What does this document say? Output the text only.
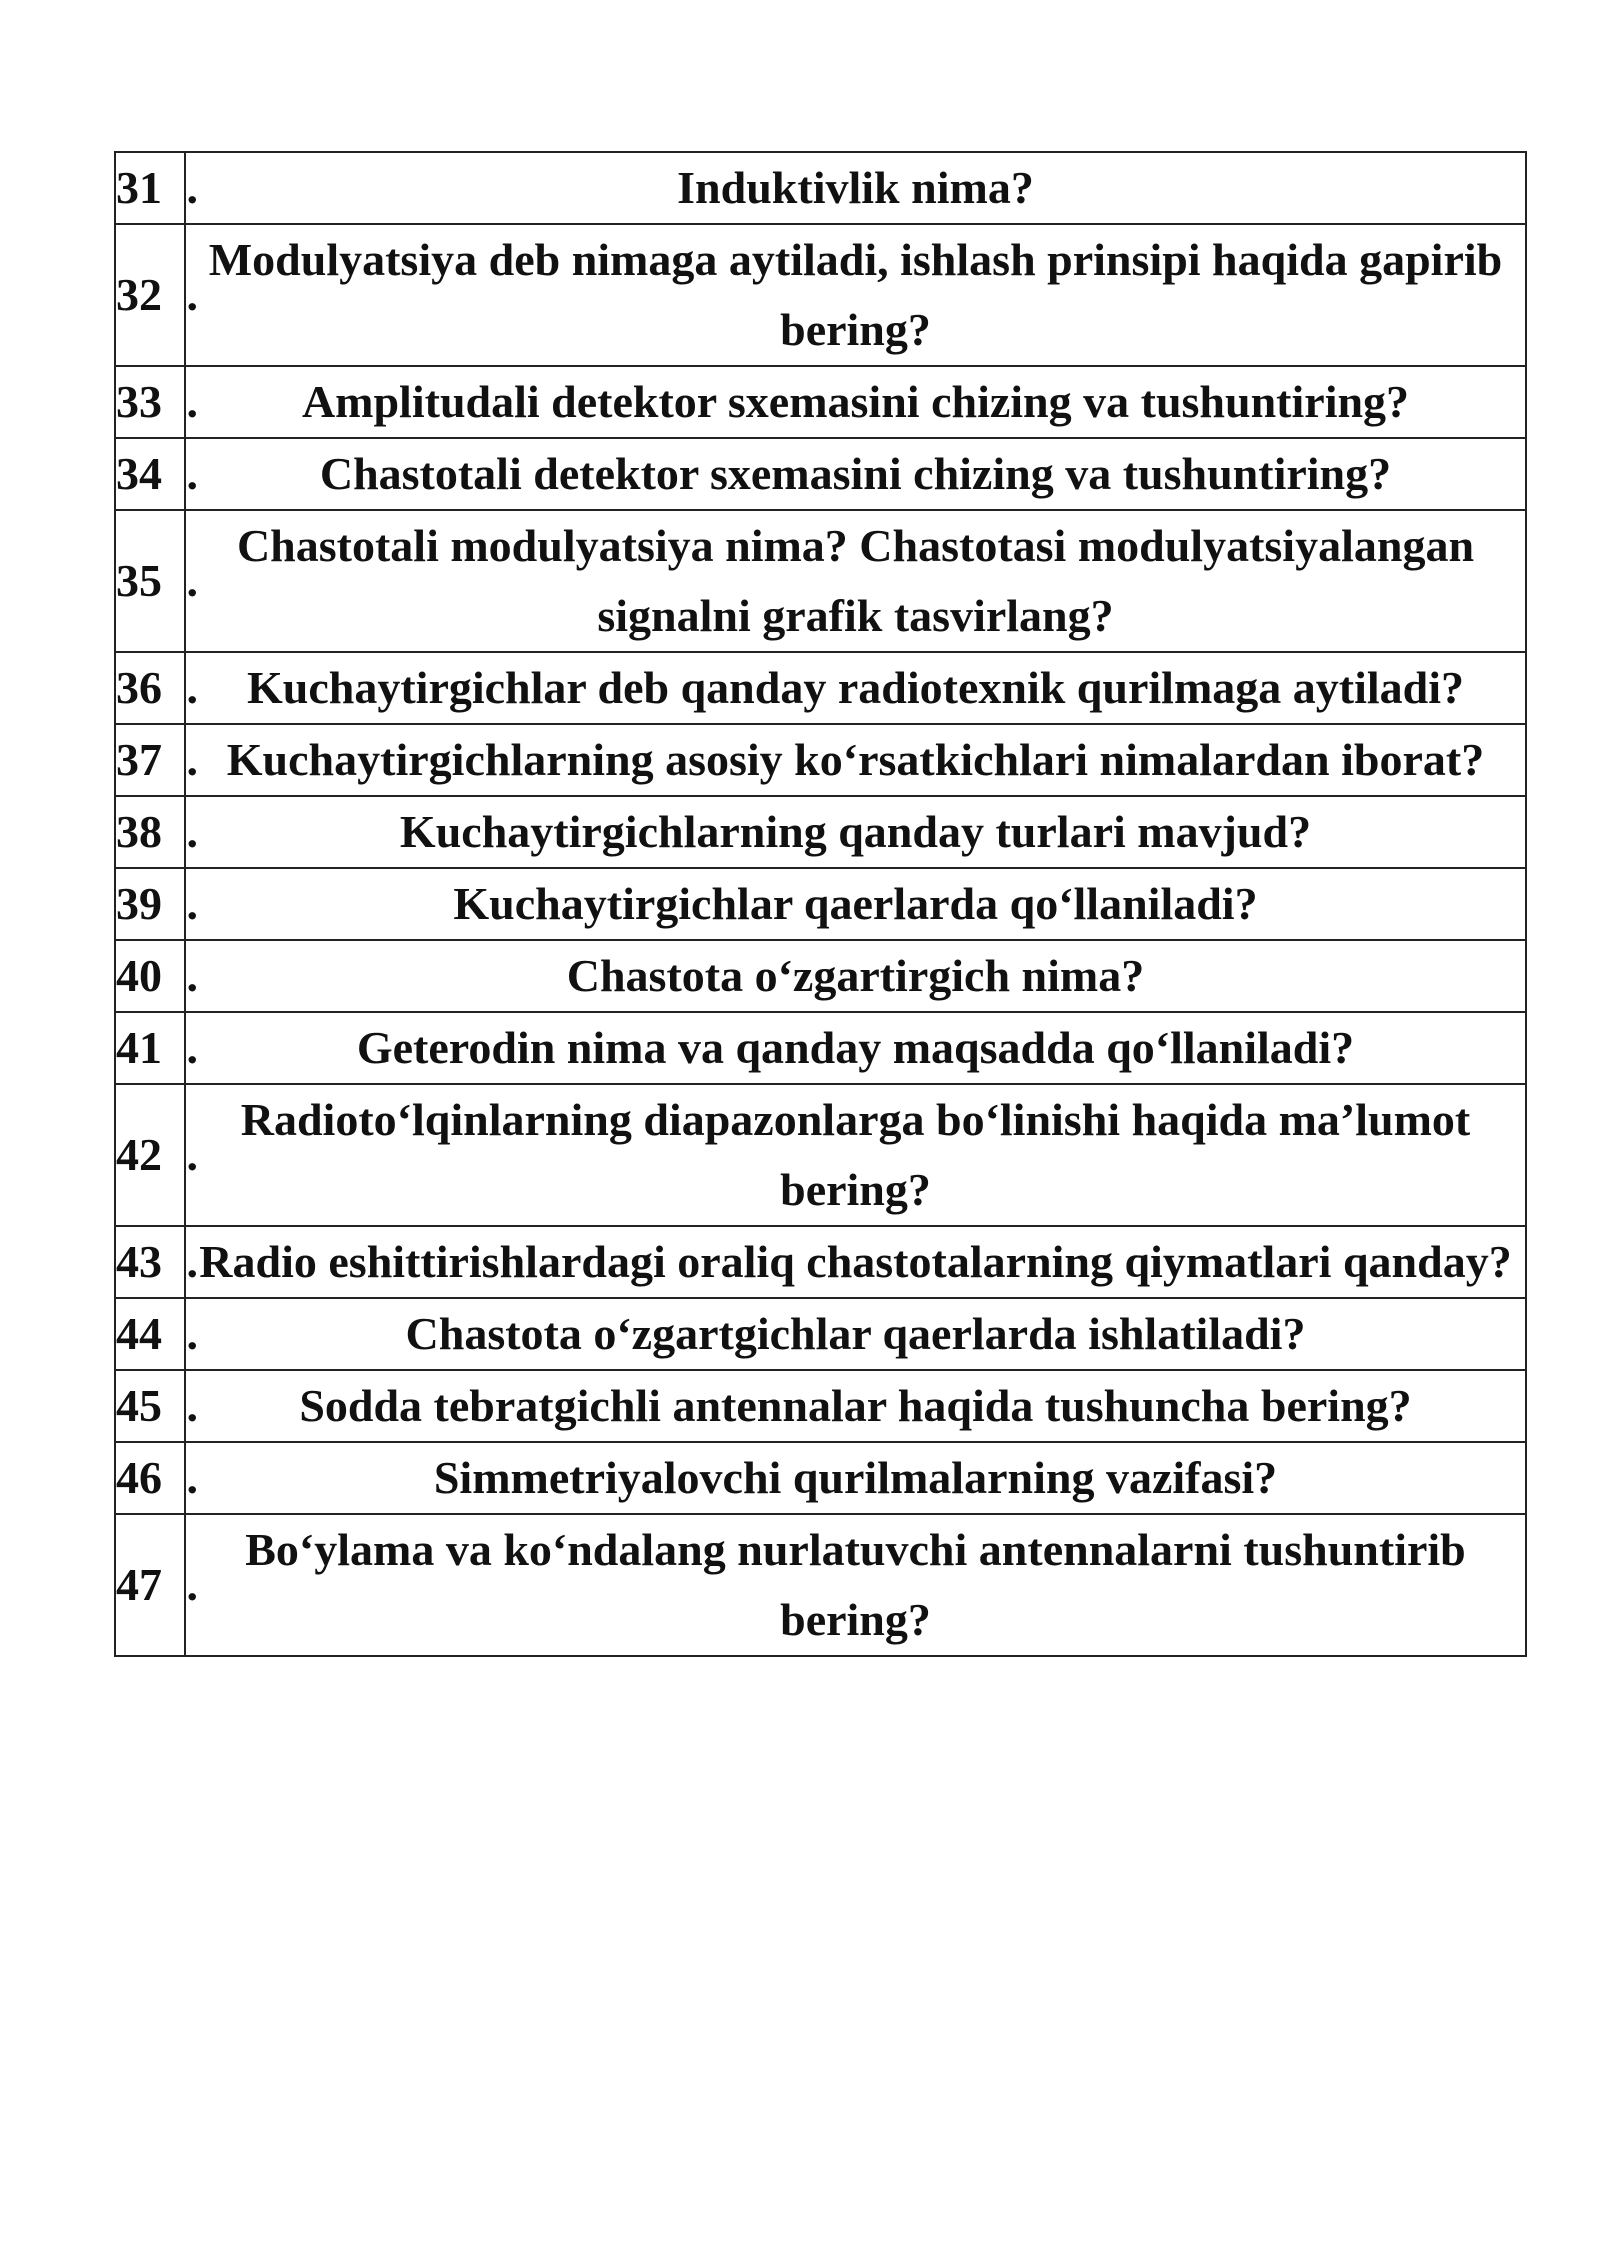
31 .	Induktivlik nima?
32 .	Modulyatsiya deb nimaga aytiladi, ishlash prinsipi haqida gapirib bering?
33 .	Amplitudali detektor sxemasini chizing va tushuntiring?
34 .	Chastotali detektor sxemasini chizing va tushuntiring?
35 .	Chastotali modulyatsiya nima? Chastotasi modulyatsiyalangan signalni grafik tasvirlang?
36 .	Kuchaytirgichlar deb qanday radiotexnik qurilmaga aytiladi?
37 .	Kuchaytirgichlarning asosiy ko‘rsatkichlari nimalardan iborat?
38 .	Kuchaytirgichlarning qanday turlari mavjud?
39 .	Kuchaytirgichlar qaerlarda qo‘llaniladi?
40 .	Chastota o‘zgartirgich nima?
41 .	Geterodin nima va qanday maqsadda qo‘llaniladi?
42 .	Radioto‘lqinlarning diapazonlarga bo‘linishi haqida ma’lumot bering?
43 .	Radio eshittirishlardagi oraliq chastotalarning qiymatlari qanday?
44 .	Chastota o‘zgartgichlar qaerlarda ishlatiladi?
45 .	Sodda tebratgichli antennalar haqida tushuncha bering?
46 .	Simmetriyalovchi qurilmalarning vazifasi?
47 .	Bo‘ylama va ko‘ndalang nurlatuvchi antennalarni tushuntirib bering?
